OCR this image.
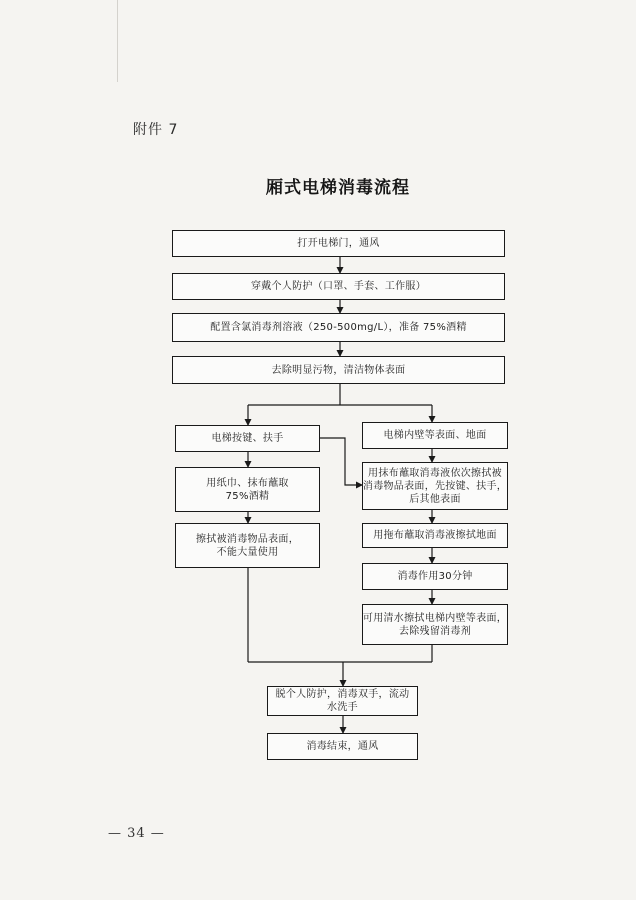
附件 7
厢式电梯消毒流程
打开电梯门，通风
穿戴个人防护（口罩、手套、工作服）
配置含氯消毒剂溶液（250-500mg/L），准备 75%酒精
去除明显污物，清洁物体表面
电梯按键、扶手
用纸巾、抹布蘸取
75%酒精
擦拭被消毒物品表面，
不能大量使用
电梯内壁等表面、地面
用抹布蘸取消毒液依次擦拭被
消毒物品表面，先按键、扶手，
后其他表面
用拖布蘸取消毒液擦拭地面
消毒作用30分钟
可用清水擦拭电梯内壁等表面，
去除残留消毒剂
脱个人防护，消毒双手，流动
水洗手
消毒结束，通风
— 34 —
